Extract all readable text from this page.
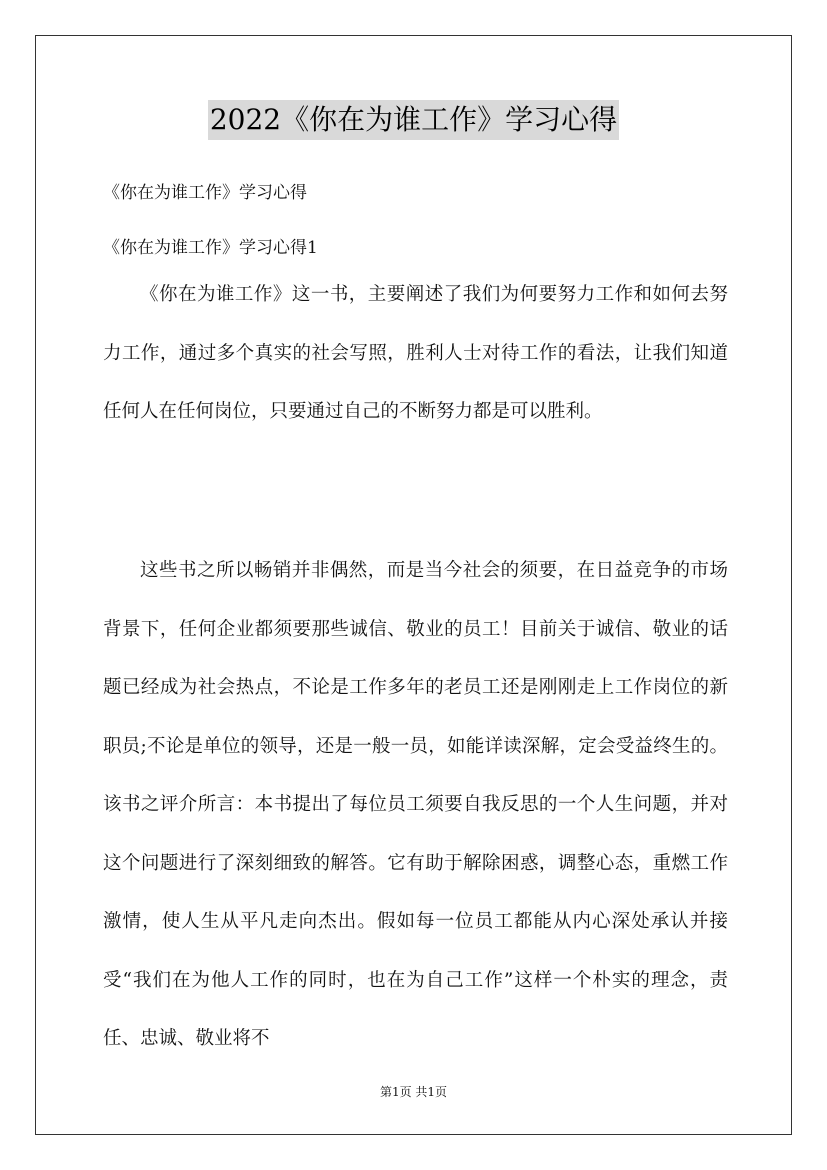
2022《你在为谁工作》学习心得
《你在为谁工作》学习心得
《你在为谁工作》学习心得1

《你在为谁工作》这一书，主要阐述了我们为何要努力工作和如何去努力工作，通过多个真实的社会写照，胜利人士对待工作的看法，让我们知道任何人在任何岗位，只要通过自己的不断努力都是可以胜利。

这些书之所以畅销并非偶然，而是当今社会的须要，在日益竞争的市场背景下，任何企业都须要那些诚信、敬业的员工！目前关于诚信、敬业的话题已经成为社会热点，不论是工作多年的老员工还是刚刚走上工作岗位的新职员;不论是单位的领导，还是一般一员，如能详读深解，定会受益终生的。该书之评介所言：本书提出了每位员工须要自我反思的一个人生问题，并对这个问题进行了深刻细致的解答。它有助于解除困惑，调整心态，重燃工作激情，使人生从平凡走向杰出。假如每一位员工都能从内心深处承认并接受“我们在为他人工作的同时，也在为自己工作”这样一个朴实的理念，责任、忠诚、敬业将不

第1页 共1页
